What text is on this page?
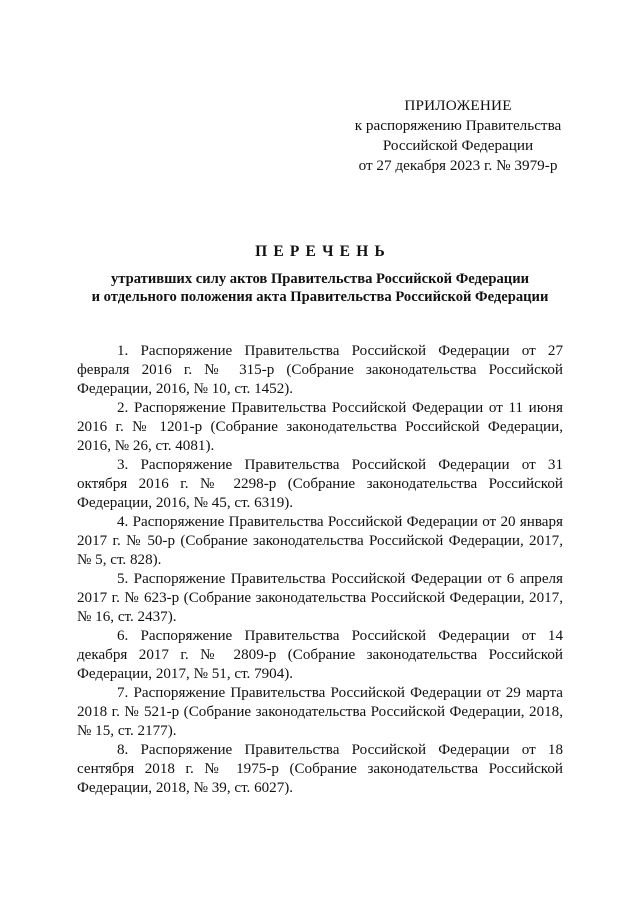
ПРИЛОЖЕНИЕ
к распоряжению Правительства
Российской Федерации
от 27 декабря 2023 г. № 3979-р
ПЕРЕЧЕНЬ
утративших силу актов Правительства Российской Федерации
и отдельного положения акта Правительства Российской Федерации

1. Распоряжение Правительства Российской Федерации от 27 февраля 2016 г. № 315-р (Собрание законодательства Российской Федерации, 2016, № 10, ст. 1452).

2. Распоряжение Правительства Российской Федерации от 11 июня 2016 г. № 1201-р (Собрание законодательства Российской Федерации, 2016, № 26, ст. 4081).

3. Распоряжение Правительства Российской Федерации от 31 октября 2016 г. № 2298-р (Собрание законодательства Российской Федерации, 2016, № 45, ст. 6319).

4. Распоряжение Правительства Российской Федерации от 20 января 2017 г. № 50-р (Собрание законодательства Российской Федерации, 2017, № 5, ст. 828).

5. Распоряжение Правительства Российской Федерации от 6 апреля 2017 г. № 623-р (Собрание законодательства Российской Федерации, 2017, № 16, ст. 2437).

6. Распоряжение Правительства Российской Федерации от 14 декабря 2017 г. № 2809-р (Собрание законодательства Российской Федерации, 2017, № 51, ст. 7904).

7. Распоряжение Правительства Российской Федерации от 29 марта 2018 г. № 521-р (Собрание законодательства Российской Федерации, 2018, № 15, ст. 2177).

8. Распоряжение Правительства Российской Федерации от 18 сентября 2018 г. № 1975-р (Собрание законодательства Российской Федерации, 2018, № 39, ст. 6027).
